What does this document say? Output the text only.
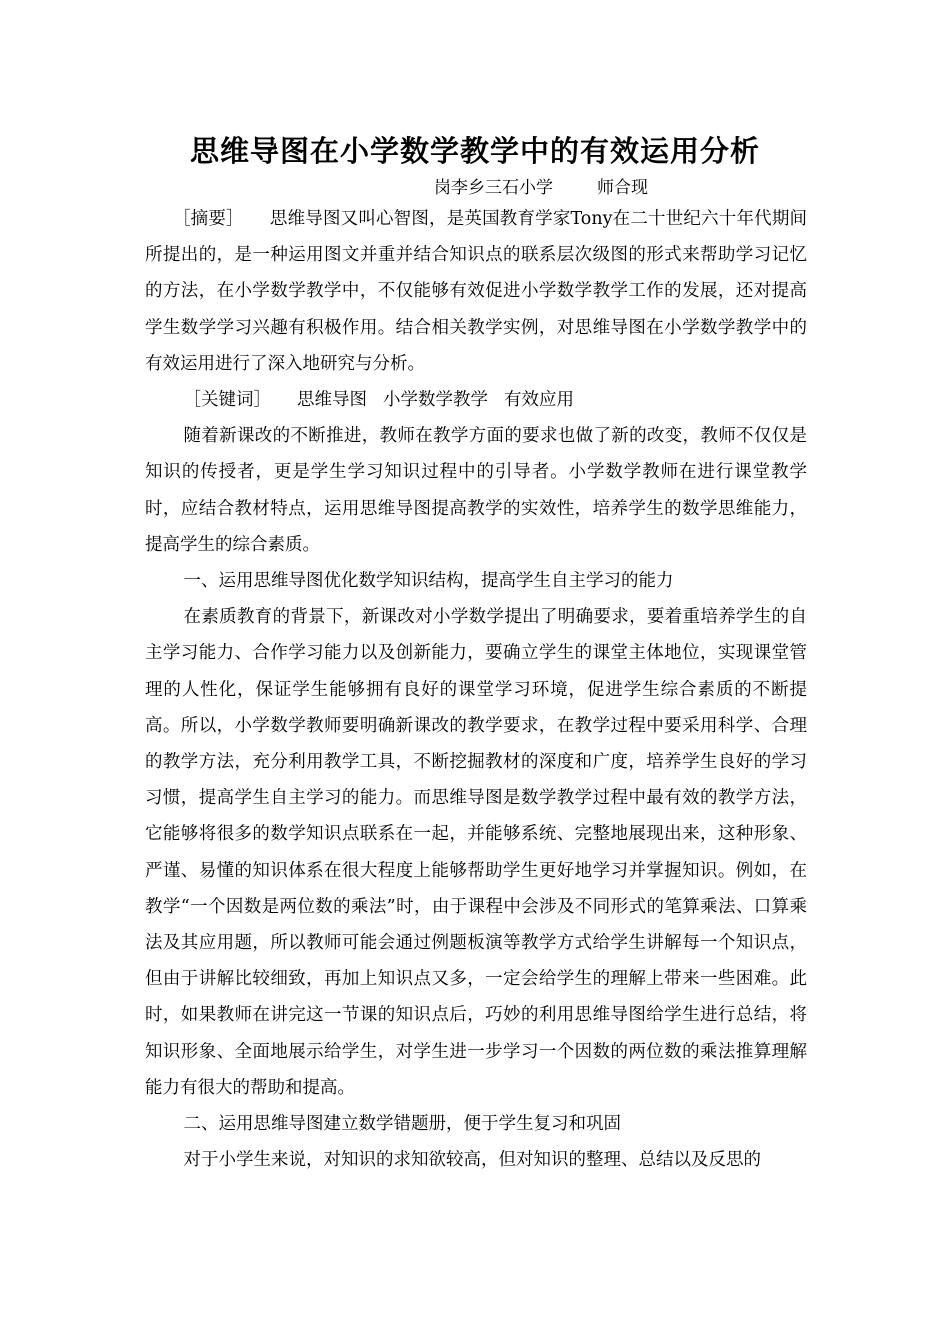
思维导图在小学数学教学中的有效运用分析
岗李乡三石小学	师合现

［摘要］ 思维导图又叫心智图，是英国教育学家Tony在二十世纪六十年代期间所提出的，是一种运用图文并重并结合知识点的联系层次级图的形式来帮助学习记忆的方法，在小学数学教学中，不仅能够有效促进小学数学教学工作的发展，还对提高学生数学学习兴趣有积极作用。结合相关教学实例，对思维导图在小学数学教学中的有效运用进行了深入地研究与分析。

［关键词］ 思维导图 小学数学教学 有效应用

随着新课改的不断推进，教师在教学方面的要求也做了新的改变，教师不仅仅是知识的传授者，更是学生学习知识过程中的引导者。小学数学教师在进行课堂教学时，应结合教材特点，运用思维导图提高教学的实效性，培养学生的数学思维能力，提高学生的综合素质。

一、运用思维导图优化数学知识结构，提高学生自主学习的能力

在素质教育的背景下，新课改对小学数学提出了明确要求，要着重培养学生的自主学习能力、合作学习能力以及创新能力，要确立学生的课堂主体地位，实现课堂管理的人性化，保证学生能够拥有良好的课堂学习环境，促进学生综合素质的不断提高。所以，小学数学教师要明确新课改的教学要求，在教学过程中要采用科学、合理的教学方法，充分利用教学工具，不断挖掘教材的深度和广度，培养学生良好的学习习惯，提高学生自主学习的能力。而思维导图是数学教学过程中最有效的教学方法，它能够将很多的数学知识点联系在一起，并能够系统、完整地展现出来，这种形象、严谨、易懂的知识体系在很大程度上能够帮助学生更好地学习并掌握知识。例如，在教学“一个因数是两位数的乘法”时，由于课程中会涉及不同形式的笔算乘法、口算乘法及其应用题，所以教师可能会通过例题板演等教学方式给学生讲解每一个知识点，但由于讲解比较细致，再加上知识点又多，一定会给学生的理解上带来一些困难。此时，如果教师在讲完这一节课的知识点后，巧妙的利用思维导图给学生进行总结，将知识形象、全面地展示给学生，对学生进一步学习一个因数的两位数的乘法推算理解能力有很大的帮助和提高。

二、运用思维导图建立数学错题册，便于学生复习和巩固

对于小学生来说，对知识的求知欲较高，但对知识的整理、总结以及反思的
